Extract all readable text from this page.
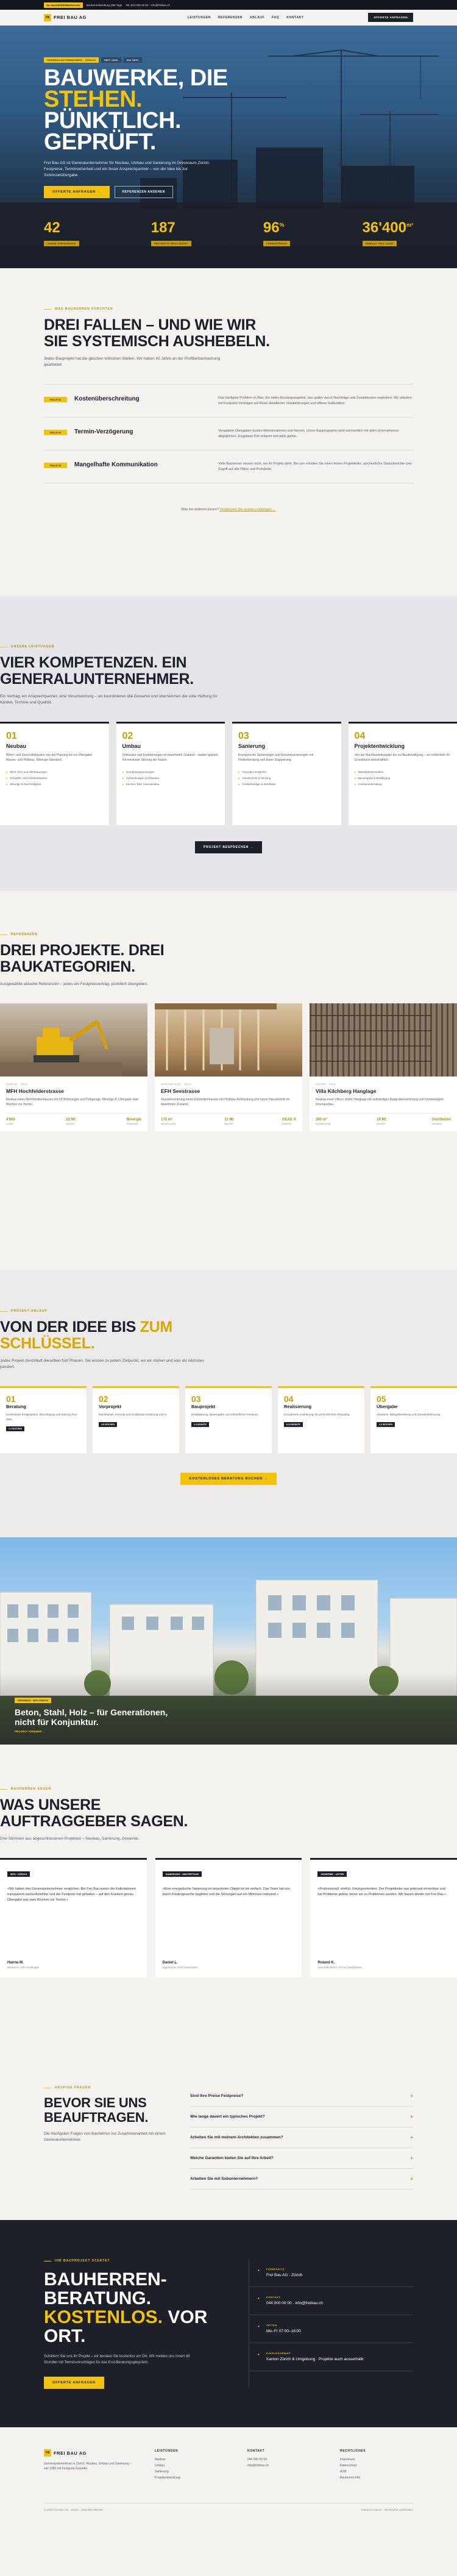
Nur BAUHERRENBERATUNG	Bauherrenberatung 365 Tage Tel: 044 000 00 00 · info@freibau.ch
FB FREI BAU AG	LEISTUNGEN REFERENZEN ABLAUF FAQ KONTAKT	OFFERTE ANFRAGEN
GENERALUNTERNEHMER · ZÜRICH	SEIT 2006	ISO 9001
BAUWERKE, DIE
STEHEN.
PÜNKTLICH.
GEPRÜFT.

Frei Bau AG ist Generalunternehmer für Neubau, Umbau und Sanierung im Grossraum Zürich. Festpreise, Terminsicherheit und ein fester Ansprechpartner – von der Idee bis zur Schlüsselübergabe.

OFFERTE ANFRAGEN →	REFERENZEN ANSEHEN
42
JAHRE ERFAHRUNG
187
PROJEKTE REALISIERT
96%
TERMINTREUE
$36'400^{m^2}$
GEBAUT PRO JAHR
WAS BAUHERREN FÜRCHTEN
DREI FALLEN – UND WIE WIR
SIE SYSTEMISCH AUSHEBELN.

Jedes Bauprojekt hat die gleichen kritischen Stellen. Wir haben 42 Jahre an der Profitierbarmachung gearbeitet.

FALLE 01	Kostenüberschreitung	Das häufigste Problem im Bau: Ein tiefes Einstiegsangebot, das später durch Nachträge und Zusatzkosten explodiert. Wir arbeiten mit Festpreis-Verträgen auf Basis detaillierter Vorabklärungen und offener Kalkulation.
FALLE 02	Termin-Verzögerung	Verspätete Übergaben kosten Mieteinnahmen und Nerven. Unser Bauprogramm wird wöchentlich mit allen Unternehmern abgeglichen, Engpässe früh erkannt und aktiv gelöst.
FALLE 03	Mangelhafte Kommunikation	Viele Bauherren wissen nicht, wo ihr Projekt steht. Bei uns erhalten Sie einen festen Projektleiter, wöchentliche Statusberichte und Zugriff auf alle Pläne und Protokolle.
Was bei anderen bauen? Vergleichen Sie unsere Leistungen →
UNSERE LEISTUNGEN
VIER KOMPETENZEN. EIN
GENERALUNTERNEHMER.

Ein Vertrag, ein Ansprechpartner, eine Verantwortung – wir koordinieren alle Gewerke und übernehmen die volle Haftung für Kosten, Termine und Qualität.

01
Neubau
Wohn- und Geschäftsbauten von der Planung bis zur Übergabe. Massiv- und Holzbau, Minergie-Standard.
■ MFH, EFH und Überbauungen
■ Gewerbe- und Industriebauten
■ Minergie & Nachhaltigkeit
02
Umbau
Umbauten und Erweiterungen im bewohnten Zustand – sauber geplant, mit minimaler Störung der Nutzer.
■ Grundrissanpassungen
■ Aufstockungen & Anbauten
■ Küchen, Bad, Innenausbau
03
Sanierung
Energetische Sanierungen und Gesamtsanierungen mit Förderberatung und klarer Etappierung.
■ Fassaden & Dächer
■ Haustechnik & Heizung
■ Förderbeiträge & Zertifikate
04
Projektentwicklung
Von der Machbarkeitsstudie bis zur Baubewilligung – wir entwickeln Ihr Grundstück wirtschaftlich.
■ Machbarkeitsstudien
■ Baueingabe & Bewilligung
■ Investorenberatung
PROJEKT BESPRECHEN →
REFERENZEN
DREI PROJEKTE. DREI
BAUKATEGORIEN.

Ausgewählte aktuelle Referenzen – jedes ein Festpreisvertrag, pünktlich übergeben.

ZÜRICH · 2024
MFH Hochfelderstrasse
Neubau eines Mehrfamilienhauses mit 18 Wohnungen und Tiefgarage. Minergie-P, Übergabe zwei Wochen vor Termin.
4'650
m² BGF
22 Mt
BAUZEIT
Minergie
STANDARD
WINTERTHUR · 2023
EFH Seestrasse
Gesamtsanierung eines Einfamilienhauses mit Holzbau-Aufstockung und neuer Haustechnik im bewohnten Zustand.
170 m²
WOHNFLÄCHE
11 Mt
BAUZEIT
GEAK A
ENERGIE
USTER · 2024
Villa Kilchberg Hanglage
Neubau einer Villa in steiler Hanglage mit aufwändiger Baugrubensicherung und hochwertigem Innenausbau.
380 m²
WOHNFLÄCHE
19 Mt
BAUZEIT
Sichtbeton
FASSADE
PROJEKT-ABLAUF
VON DER IDEE BIS ZUM
SCHLÜSSEL.

Jedes Projekt durchläuft dieselben fünf Phasen. Sie wissen zu jedem Zeitpunkt, wo wir stehen und was als nächstes passiert.

01
Beratung
Kostenloses Erstgespräch, Besichtigung und Klärung Ihrer Ziele.
1-2 WOCHEN
02
Vorprojekt
Machbarkeit, Konzept und Grobkostenschätzung ±15 %.
4-8 WOCHEN
03
Bauprojekt
Detailplanung, Baueingabe und verbindlicher Festpreis.
2-4 MONATE
04
Realisierung
Koordinierte Ausführung mit wöchentlichem Reporting.
6-24 MONATE
05
Übergabe
Abnahme, Mängelbehebung und Garantiebetreuung.
2-4 WOCHEN
KOSTENLOSES BERATUNG BUCHEN →
REFERENZ · MFH ZÜRICH
Beton, Stahl, Holz – für Generationen,
nicht für Konjunktur.
PROJEKT ANSEHEN →
BAUHERREN SAGEN
WAS UNSERE
AUFTRAGGEBER SAGEN.

Drei Stimmen aus abgeschlossenen Projekten – Neubau, Sanierung, Gewerbe.

MFH · ZÜRICH
«Wir haben drei Generalunternehmer verglichen. Bei Frei Bau waren die Kalkulationen transparent nachvollziehbar und der Festpreis hat gehalten – auf den Franken genau. Übergabe war zwei Wochen vor Termin.»
Hanna M.
Bauherrin, MFH Hottingen
SANIERUNG · WINTERTHUR
«Eine energetische Sanierung im bewohnten Objekt ist nie einfach. Das Team hat uns durch Fördergesuche begleitet und die Störungen auf ein Minimum reduziert.»
Daniel L.
Eigentümer, EFH Seestrasse
GEWERBE · USTER
«Professionell, ehrlich, lösungsorientiert. Der Projektleiter war jederzeit erreichbar und hat Probleme gelöst, bevor sie zu Problemen wurden. Wir bauen wieder mit Frei Bau.»
Roland K.
Geschäftsführer, Firma Gewerbebau
HÄUFIGE FRAGEN
BEVOR SIE UNS
BEAUFTRAGEN.

Die häufigsten Fragen von Bauherren zur Zusammenarbeit mit einem Generalunternehmer.

Sind Ihre Preise Festpreise?	+
Wie lange dauert ein typisches Projekt?	+
Arbeiten Sie mit meinem Architekten zusammen?	+
Welche Garantien bieten Sie auf Ihre Arbeit?	+
Arbeiten Sie mit Subunternehmern?	+
IHR BAUPROJEKT STARTET
BAUHERREN-
BERATUNG.
KOSTENLOS. VOR ORT.

Schildern Sie uns Ihr Projekt – wir beraten Sie kostenlos vor Ort. Wir melden uns innert 48 Stunden mit Terminvorschlägen für das Erst-Beratungsgespräch.

OFFERTE ANFRAGEN
▪	FIRMENSITZ
Frei Bau AG · Zürich
▪	KONTAKT
044 000 00 00 · info@freibau.ch
▪	ZEITEN
Mo–Fr 07:00–18:00
▪	EINZUGSGEBIET
Kanton Zürich & Umgebung · Projekte auch ausserhalb
FB FREI BAU AG

Generalunternehmer in Zürich. Neubau, Umbau und Sanierung – seit 1982 mit Festpreis-Garantie.

LEISTUNGEN
Neubau
Umbau
Sanierung
Projektentwicklung
KONTAKT
044 000 00 00
info@freibau.ch
RECHTLICHES
Impressum
Datenschutz
AGB
Bauherren-Info
© 2025 Frei Bau AG · Zürich · CHE-000.000.000	Gebaut in Zürich · Alle Rechte vorbehalten
